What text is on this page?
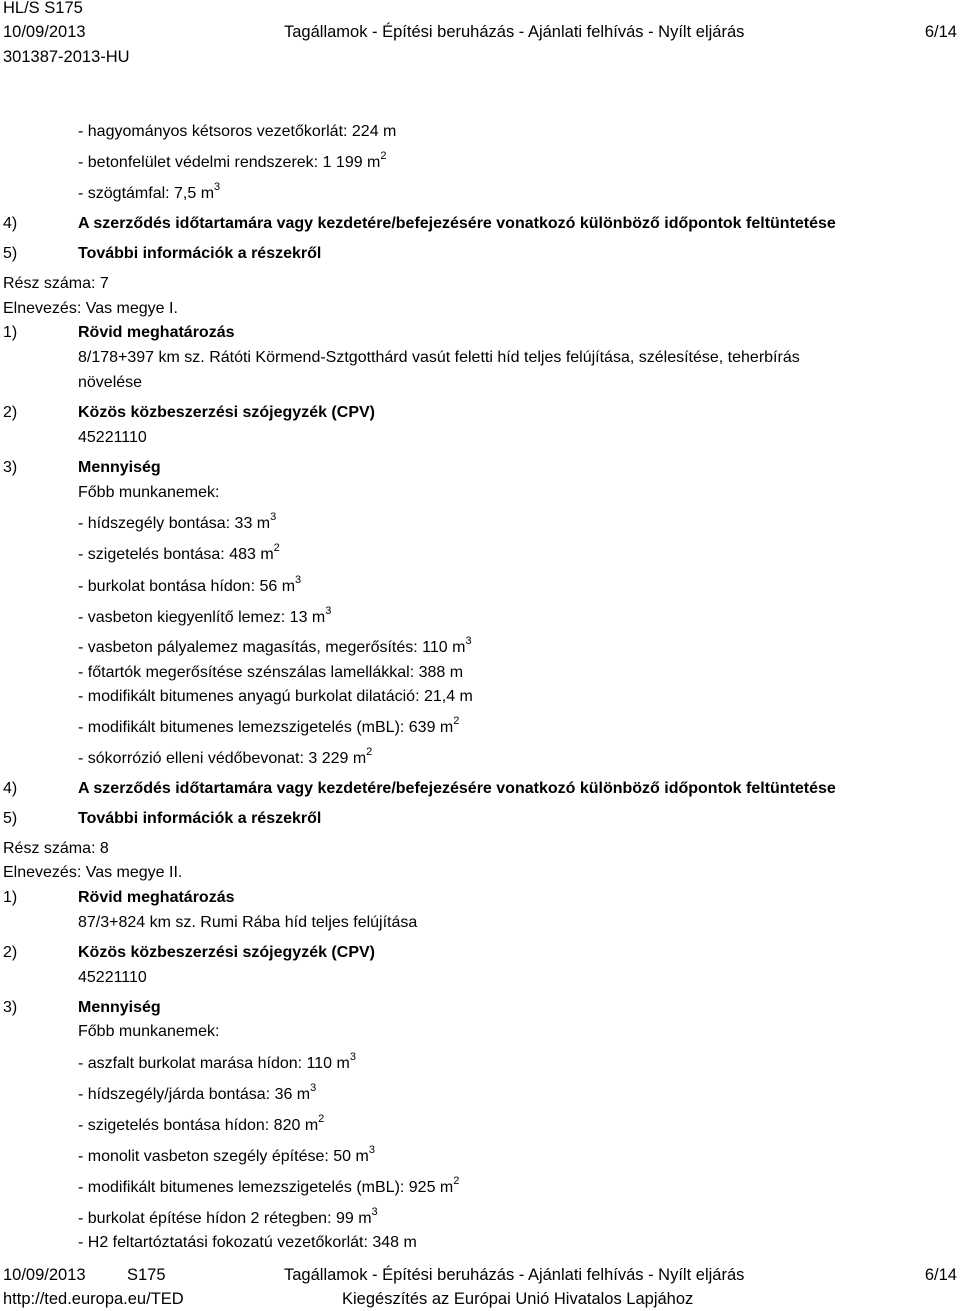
HL/S S175
10/09/2013	Tagállamok - Építési beruházás - Ajánlati felhívás - Nyílt eljárás	6/14
301387-2013-HU
- hagyományos kétsoros vezetőkorlát: 224 m
- betonfelület védelmi rendszerek: 1 199 $m^2$
- szögtámfal: 7,5 $m^3$
4)	A szerződés időtartamára vagy kezdetére/befejezésére vonatkozó különböző időpontok feltüntetése
5)	További információk a részekről
Rész száma: 7
Elnevezés: Vas megye I.
1)	Rövid meghatározás
8/178+397 km sz. Rátóti Körmend-Sztgotthárd vasút feletti híd teljes felújítása, szélesítése, teherbírás
növelése
2)	Közös közbeszerzési szójegyzék (CPV)
45221110
3)	Mennyiség
Főbb munkanemek:
- hídszegély bontása: 33 $m^3$
- szigetelés bontása: 483 $m^2$
- burkolat bontása hídon: 56 $m^3$
- vasbeton kiegyenlítő lemez: 13 $m^3$
- vasbeton pályalemez magasítás, megerősítés: 110 $m^3$
- főtartók megerősítése szénszálas lamellákkal: 388 m
- modifikált bitumenes anyagú burkolat dilatáció: 21,4 m
- modifikált bitumenes lemezszigetelés (mBL): 639 $m^2$
- sókorrózió elleni védőbevonat: 3 229 $m^2$
4)	A szerződés időtartamára vagy kezdetére/befejezésére vonatkozó különböző időpontok feltüntetése
5)	További információk a részekről
Rész száma: 8
Elnevezés: Vas megye II.
1)	Rövid meghatározás
87/3+824 km sz. Rumi Rába híd teljes felújítása
2)	Közös közbeszerzési szójegyzék (CPV)
45221110
3)	Mennyiség
Főbb munkanemek:
- aszfalt burkolat marása hídon: 110 $m^3$
- hídszegély/járda bontása: 36 $m^3$
- szigetelés bontása hídon: 820 $m^2$
- monolit vasbeton szegély építése: 50 $m^3$
- modifikált bitumenes lemezszigetelés (mBL): 925 $m^2$
- burkolat építése hídon 2 rétegben: 99 $m^3$
- H2 feltartóztatási fokozatú vezetőkorlát: 348 m
10/09/2013	S175	Tagállamok - Építési beruházás - Ajánlati felhívás - Nyílt eljárás	6/14
http://ted.europa.eu/TED	Kiegészítés az Európai Unió Hivatalos Lapjához
